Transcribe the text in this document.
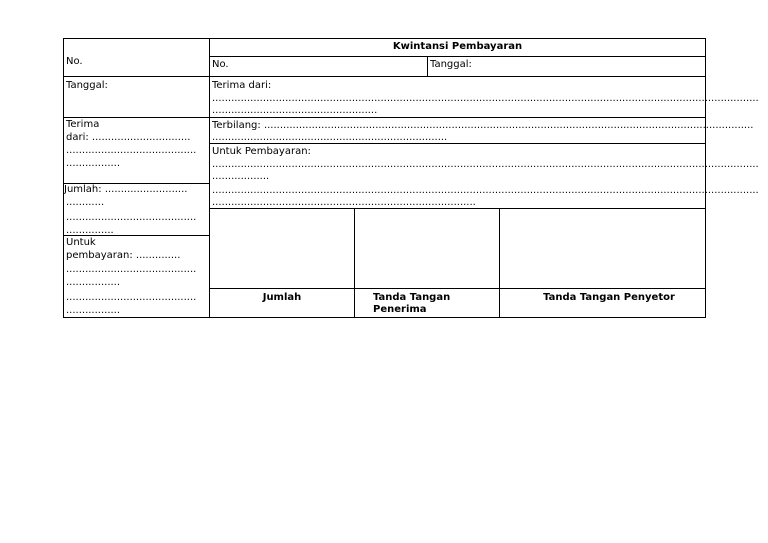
Kwintansi Pembayaran
No.
Tanggal:
Terima
dari: ...............................
.........................................
.................
Jumlah: ..........................
............
.........................................
...............
Untuk
pembayaran: ..............
.........................................
.................
.........................................
.................
No.	Tanggal:
Terima dari:
............................................................................................................................................................................
....................................................
Terbilang: ..........................................................................................................................................................
..........................................................................
Untuk Pembayaran:
............................................................................................................................................................................
..................
............................................................................................................................................................................
...................................................................................
Jumlah	Tanda Tangan
Penerima
Tanda Tangan Penyetor
